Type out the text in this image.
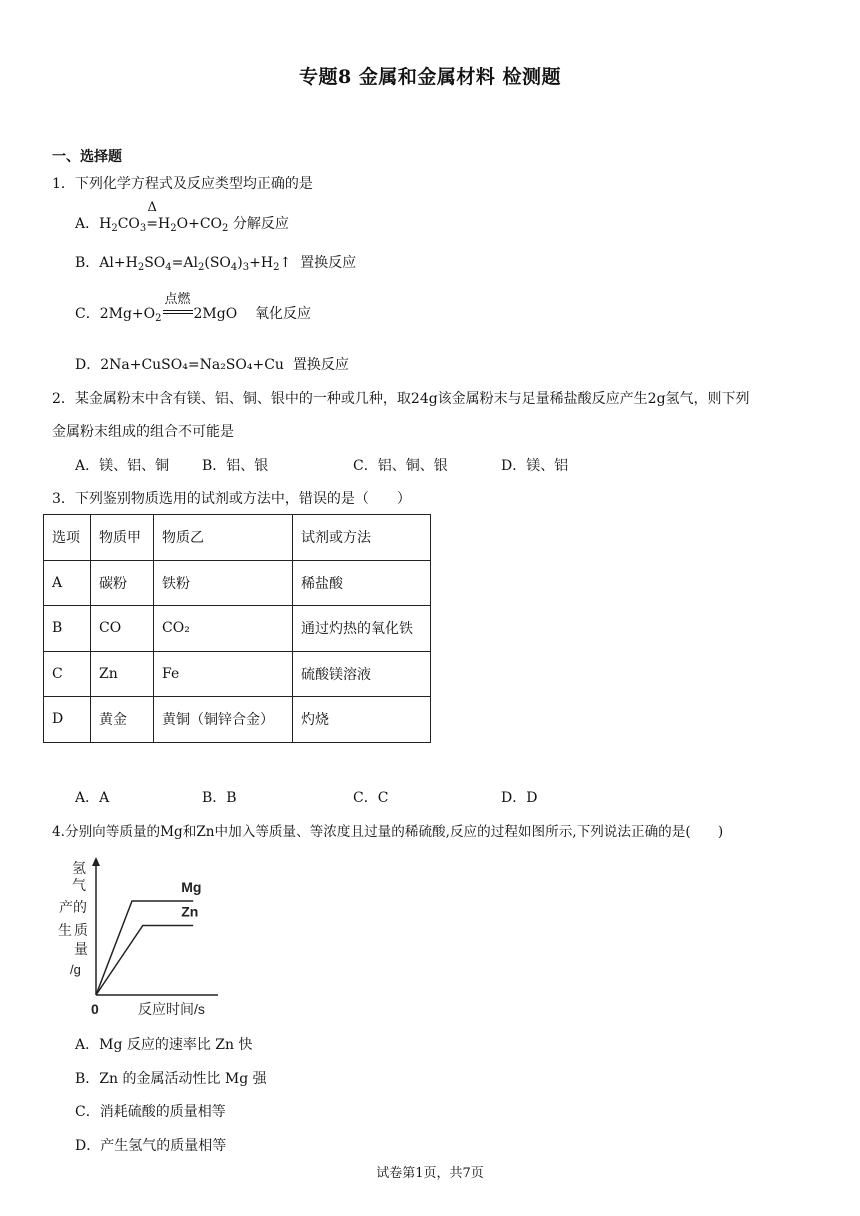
专题8 金属和金属材料 检测题
一、选择题
1．下列化学方程式及反应类型均正确的是
A．$H_2CO_3$
Δ
$=H_2O+CO_2$ 分解反应
B．$Al+H_2SO_4=Al_2(SO_4)_3+H_2↑$  置换反应
C．$2Mg+O_2$
点燃
2MgO    氧化反应
D．2Na+CuSO₄=Na₂SO₄+Cu 置换反应
2．某金属粉末中含有镁、铝、铜、银中的一种或几种，取24g该金属粉末与足量稀盐酸反应产生2g氢气，则下列
金属粉末组成的组合不可能是
A．镁、铝、铜 B．铝、银	C．铝、铜、银	D．镁、铝
3．下列鉴别物质选用的试剂或方法中，错误的是（　　）
选项	物质甲	物质乙	试剂或方法
A	碳粉	铁粉	稀盐酸
B	CO	CO₂	通过灼热的氧化铁
C	Zn	Fe	硫酸镁溶液
D	黄金	黄铜（铜锌合金）	灼烧
A．A	B．B	C．C	D．D
4.分别向等质量的Mg和Zn中加入等质量、等浓度且过量的稀硫酸,反应的过程如图所示,下列说法正确的是(　　)
氢
气
产的
生 质
量
/g
0	反应时间/s
Mg
Zn
A．Mg 反应的速率比 Zn 快
B．Zn 的金属活动性比 Mg 强
C．消耗硫酸的质量相等
D．产生氢气的质量相等
试卷第1页，共7页
